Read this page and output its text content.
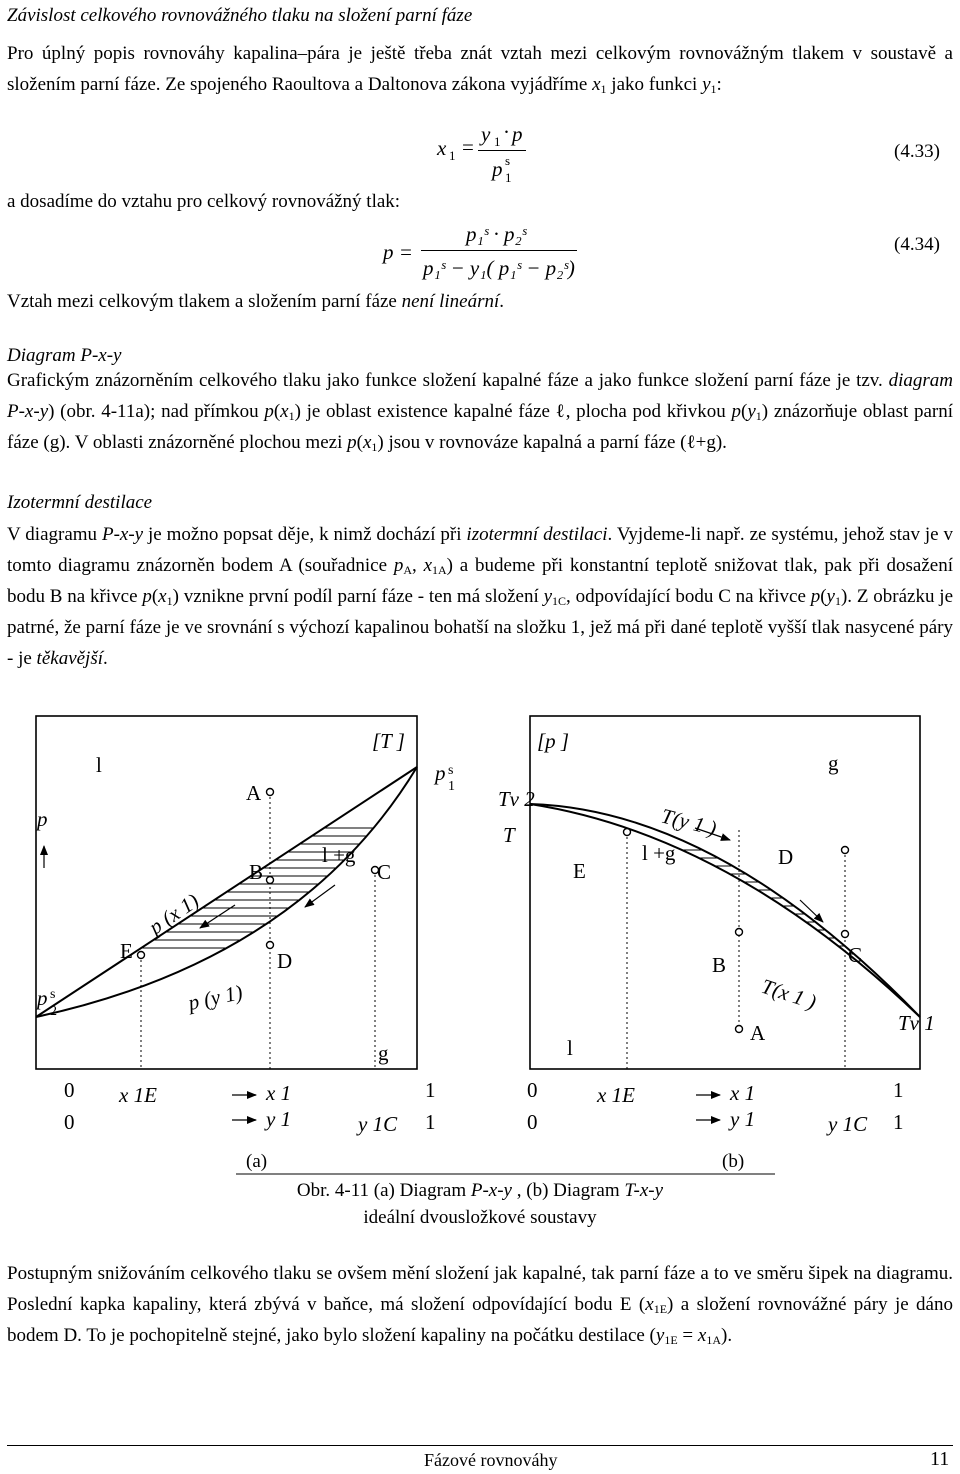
Závislost celkového rovnovážného tlaku na složení parní fáze

Pro úplný popis rovnováhy kapalina–pára je ještě třeba znát vztah mezi celkovým rovnovážným tlakem v soustavě a složením parní fáze. Ze spojeného Raoultova a Daltonova zákona vyjádříme $x_1$ jako funkci $y_1$:

x 1 =
y 1 · p
p s
1
(4.33)

a dosadíme do vztahu pro celkový rovnovážný tlak:

p =
p₁ˢ · p₂ˢ
p₁ˢ − y₁( p₁ˢ − p₂ˢ)
(4.34)

Vztah mezi celkovým tlakem a složením parní fáze není lineární.

Diagram P-x-y

Grafickým znázorněním celkového tlaku jako funkce složení kapalné fáze a jako funkce složení parní fáze je tzv. diagram P-x-y) (obr. 4-11a); nad přímkou $p(x_1)$ je oblast existence kapalné fáze ℓ, plocha pod křivkou $p(y_1)$ znázorňuje oblast parní fáze (g). V oblasti znázorněné plochou mezi $p(x_1)$ jsou v rovnováze kapalná a parní fáze (ℓ+g).

Izotermní destilace

V diagramu P-x-y je možno popsat děje, k nimž dochází při izotermní destilaci. Vyjdeme-li např. ze systému, jehož stav je v tomto diagramu znázorněn bodem A (souřadnice $p_A$, $x_{1A}$) a budeme při konstantní teplotě snižovat tlak, pak při dosažení bodu B na křivce $p(x_1)$ vznikne první podíl parní fáze - ten má složení $y_{1C}$, odpovídající bodu C na křivce $p(y_1)$. Z obrázku je patrné, že parní fáze je ve srovnání s výchozí kapalinou bohatší na složku 1, jež má při dané teplotě vyšší tlak nasycené páry - je těkavější.

l
[T ]
p
A
B
l +g
C
D
E
g
p s
1
p s
2
p (x 1)
p (y 1)
0
0
x 1E	x 1
y 1	y 1C
1
1
(a)
[p ]
g
Tv 2
T	T(y 1 )
E
l +g	D
C
B
T(x 1 )
A
l
Tv 1
0
0
x 1E	x 1
y 1	y 1C
1
1
(b)
Obr. 4-11 (a) Diagram P-x-y , (b) Diagram T-x-y
ideální dvousložkové soustavy

Postupným snižováním celkového tlaku se ovšem mění složení jak kapalné, tak parní fáze a to ve směru šipek na diagramu. Poslední kapka kapaliny, která zbývá v baňce, má složení odpovídající bodu E $(x_{1E})$ a složení rovnovážné páry je dáno bodem D. To je pochopitelně stejné, jako bylo složení kapaliny na počátku destilace $(y_{1E} = x_{1A})$.

Fázové rovnováhy	11
